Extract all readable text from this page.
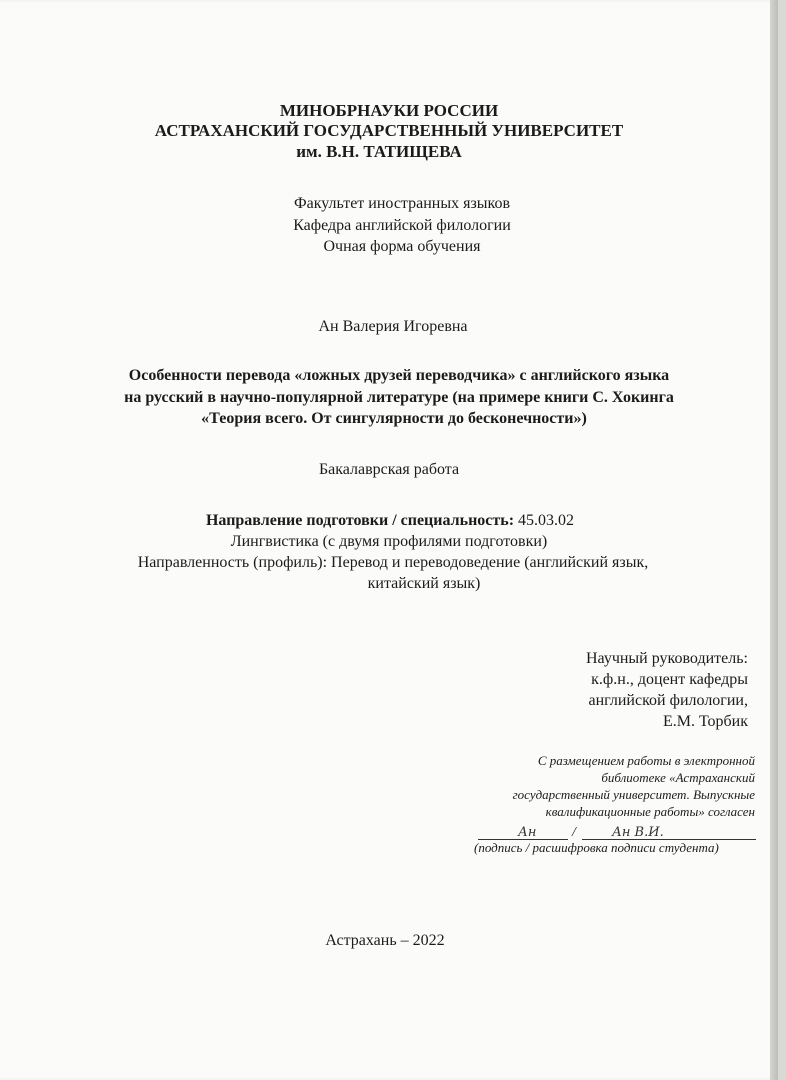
МИНОБРНАУКИ РОССИИ
АСТРАХАНСКИЙ ГОСУДАРСТВЕННЫЙ УНИВЕРСИТЕТ
им. В.Н. ТАТИЩЕВА
Факультет иностранных языков
Кафедра английской филологии
Очная форма обучения
Ан Валерия Игоревна
Особенности перевода «ложных друзей переводчика» с английского языка
на русский в научно-популярной литературе (на примере книги С. Хокинга
«Теория всего. От сингулярности до бесконечности»)
Бакалаврская работа
Направление подготовки / специальность: 45.03.02
Лингвистика (с двумя профилями подготовки)
Направленность (профиль): Перевод и переводоведение (английский язык,
китайский язык)
Научный руководитель:
к.ф.н., доцент кафедры
английской филологии,
Е.М. Торбик
С размещением работы в электронной
библиотеке «Астраханский
государственный университет. Выпускные
квалификационные работы» согласен
Ан	/	Ан В.И.
(подпись / расшифровка подписи студента)
Астрахань – 2022
